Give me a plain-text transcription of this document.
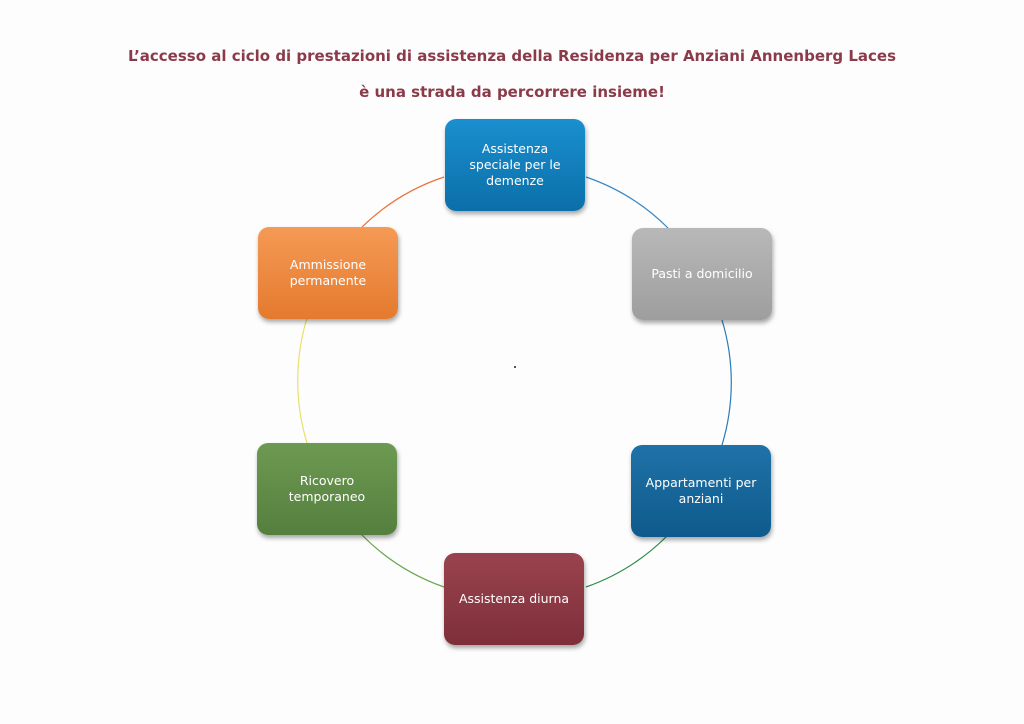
L’accesso al ciclo di prestazioni di assistenza della Residenza per Anziani Annenberg Laces
è una strada da percorrere insieme!
Assistenza speciale per le demenze
Pasti a domicilio
Appartamenti per anziani
Assistenza diurna
Ricovero temporaneo
Ammissione permanente
